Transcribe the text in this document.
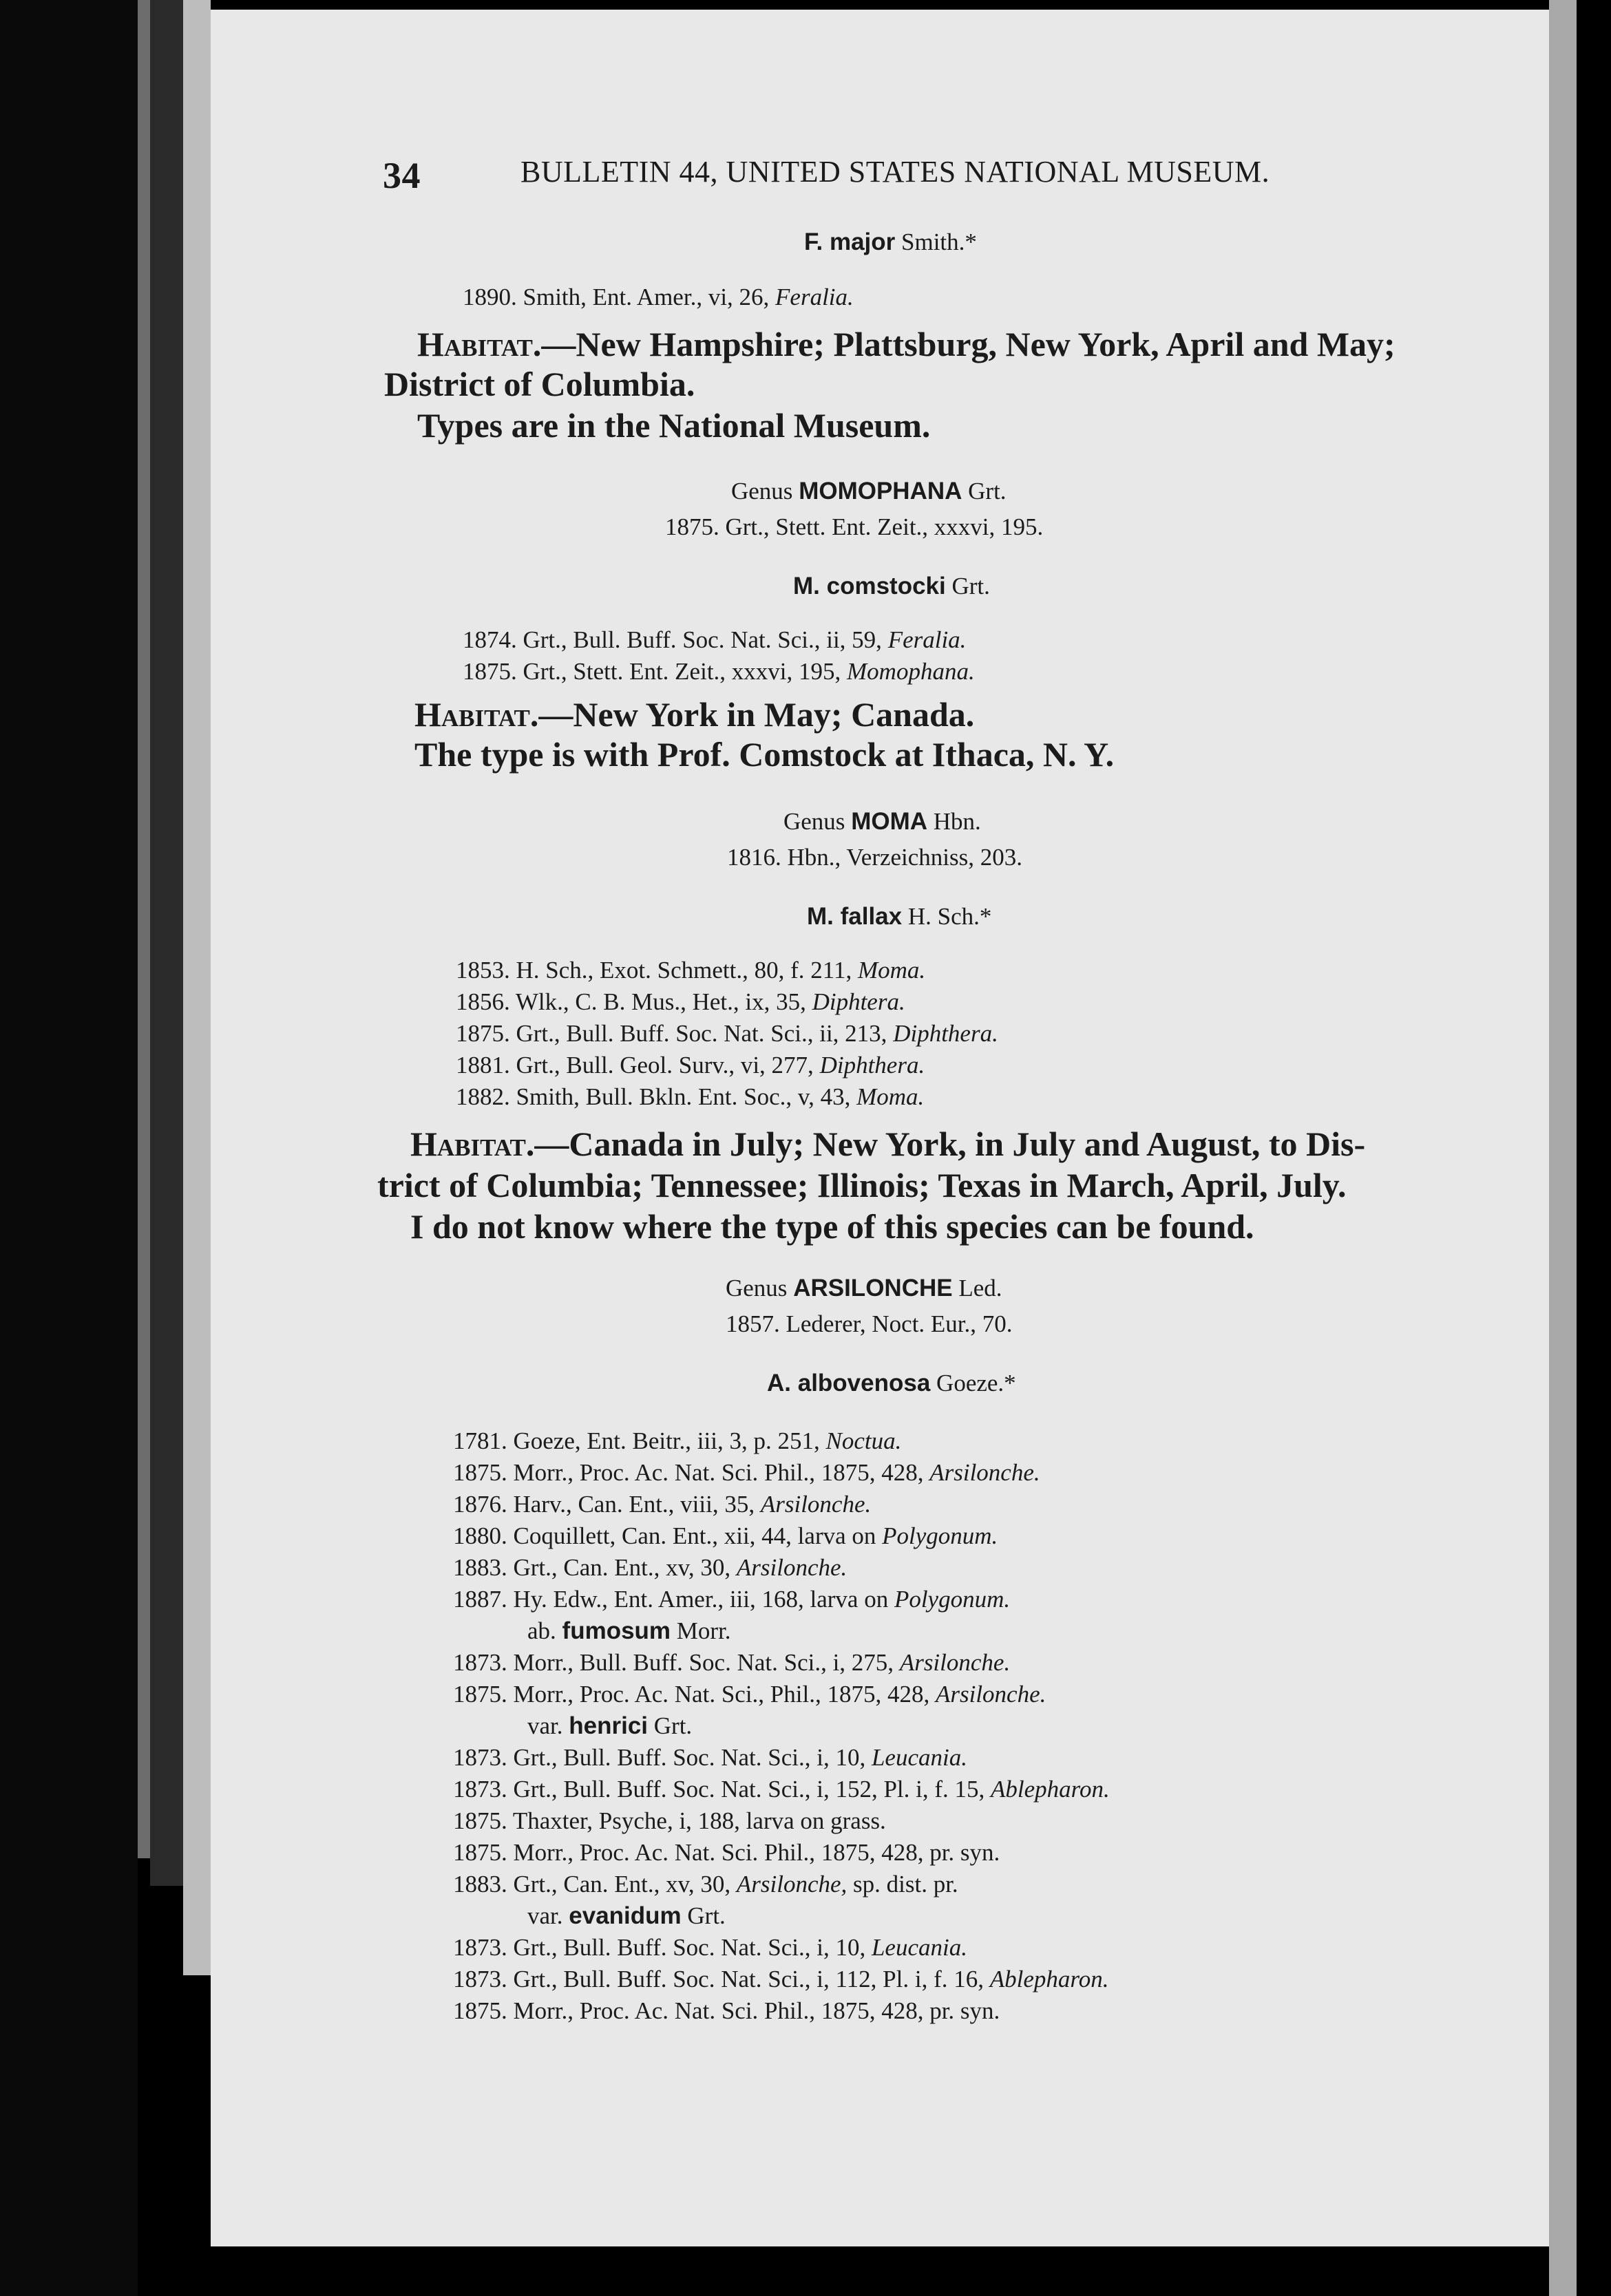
34	BULLETIN 44, UNITED STATES NATIONAL MUSEUM.
F. major Smith.*
1890. Smith, Ent. Amer., vi, 26, Feralia.
Habitat.—New Hampshire; Plattsburg, New York, April and May;
District of Columbia.
Types are in the National Museum.
Genus MOMOPHANA Grt.
1875. Grt., Stett. Ent. Zeit., xxxvi, 195.
M. comstocki Grt.
1874. Grt., Bull. Buff. Soc. Nat. Sci., ii, 59, Feralia.
1875. Grt., Stett. Ent. Zeit., xxxvi, 195, Momophana.
Habitat.—New York in May; Canada.
The type is with Prof. Comstock at Ithaca, N. Y.
Genus MOMA Hbn.
1816. Hbn., Verzeichniss, 203.
M. fallax H. Sch.*
1853. H. Sch., Exot. Schmett., 80, f. 211, Moma.
1856. Wlk., C. B. Mus., Het., ix, 35, Diphtera.
1875. Grt., Bull. Buff. Soc. Nat. Sci., ii, 213, Diphthera.
1881. Grt., Bull. Geol. Surv., vi, 277, Diphthera.
1882. Smith, Bull. Bkln. Ent. Soc., v, 43, Moma.
Habitat.—Canada in July; New York, in July and August, to Dis-
trict of Columbia; Tennessee; Illinois; Texas in March, April, July.
I do not know where the type of this species can be found.
Genus ARSILONCHE Led.
1857. Lederer, Noct. Eur., 70.
A. albovenosa Goeze.*
1781. Goeze, Ent. Beitr., iii, 3, p. 251, Noctua.
1875. Morr., Proc. Ac. Nat. Sci. Phil., 1875, 428, Arsilonche.
1876. Harv., Can. Ent., viii, 35, Arsilonche.
1880. Coquillett, Can. Ent., xii, 44, larva on Polygonum.
1883. Grt., Can. Ent., xv, 30, Arsilonche.
1887. Hy. Edw., Ent. Amer., iii, 168, larva on Polygonum.
ab. fumosum Morr.
1873. Morr., Bull. Buff. Soc. Nat. Sci., i, 275, Arsilonche.
1875. Morr., Proc. Ac. Nat. Sci., Phil., 1875, 428, Arsilonche.
var. henrici Grt.
1873. Grt., Bull. Buff. Soc. Nat. Sci., i, 10, Leucania.
1873. Grt., Bull. Buff. Soc. Nat. Sci., i, 152, Pl. i, f. 15, Ablepharon.
1875. Thaxter, Psyche, i, 188, larva on grass.
1875. Morr., Proc. Ac. Nat. Sci. Phil., 1875, 428, pr. syn.
1883. Grt., Can. Ent., xv, 30, Arsilonche, sp. dist. pr.
var. evanidum Grt.
1873. Grt., Bull. Buff. Soc. Nat. Sci., i, 10, Leucania.
1873. Grt., Bull. Buff. Soc. Nat. Sci., i, 112, Pl. i, f. 16, Ablepharon.
1875. Morr., Proc. Ac. Nat. Sci. Phil., 1875, 428, pr. syn.
